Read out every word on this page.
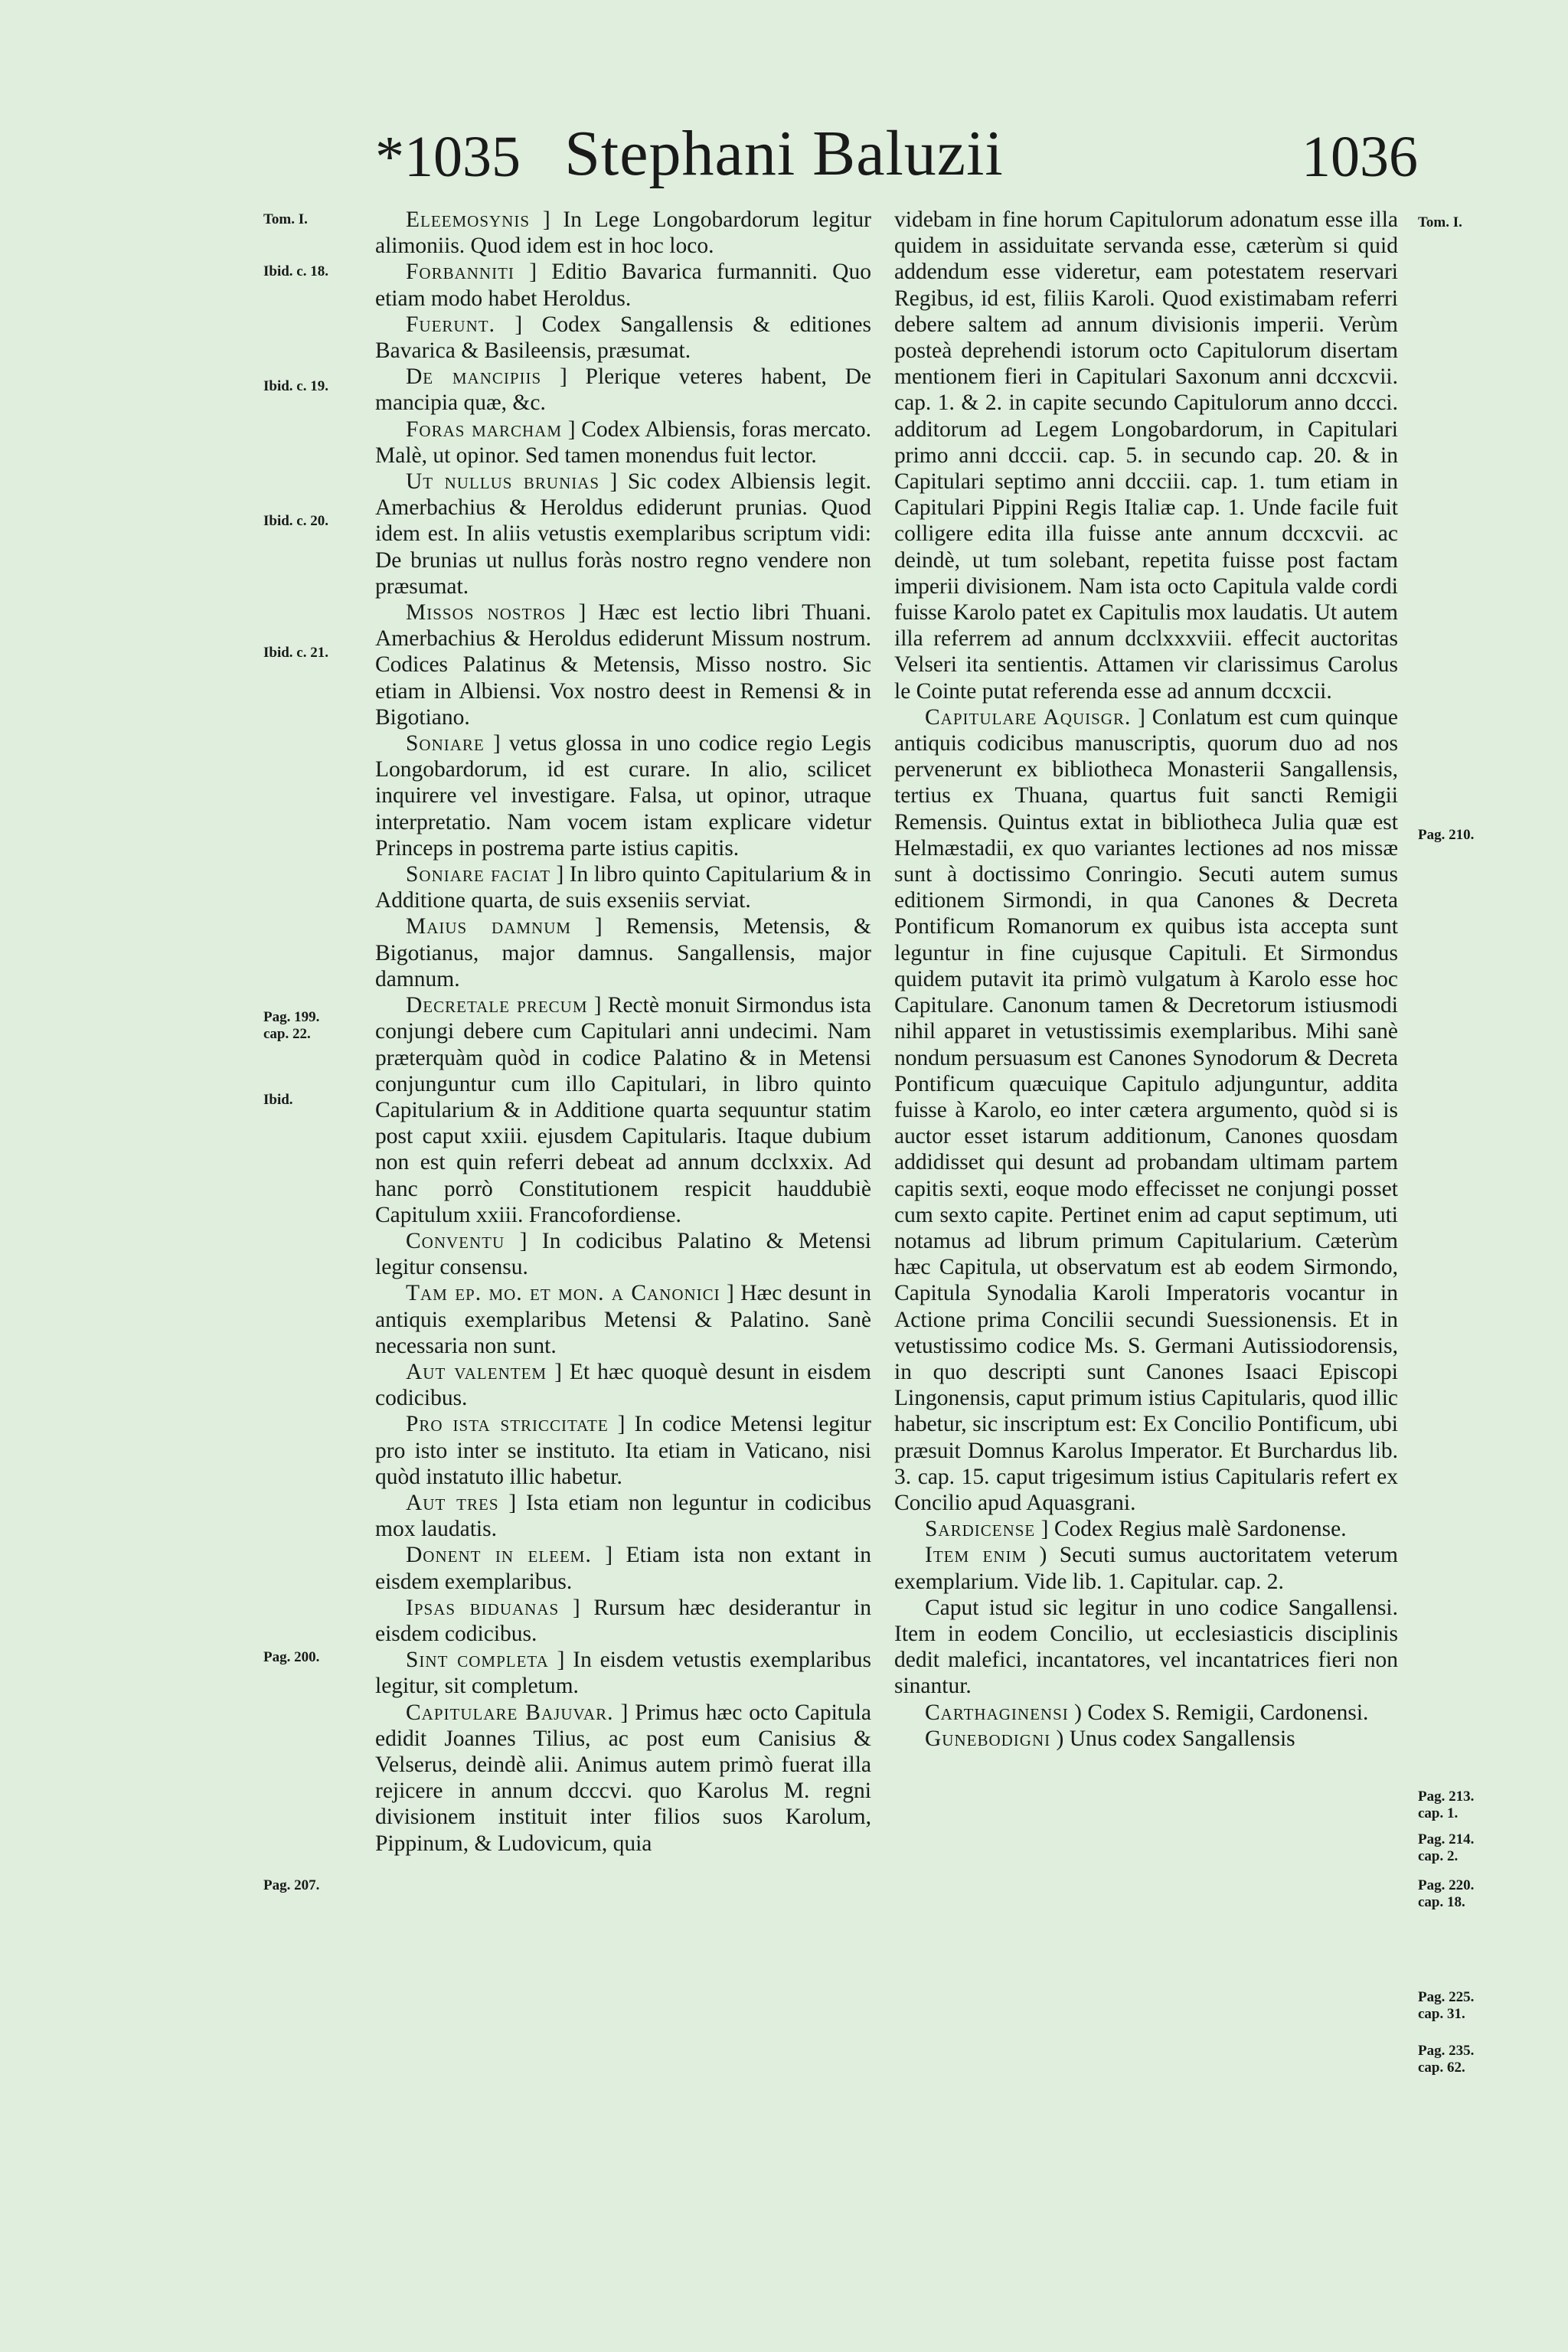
*1035 Stephani Baluzii	1036
Tom. I.
Ibid. c. 18.
Ibid. c. 19.
Ibid. c. 20.
Ibid. c. 21.
Pag. 199.
cap. 22.
Ibid.
Pag. 200.
Pag. 207.
Tom. I.
Pag. 210.
Pag. 213.
cap. 1.
Pag. 214.
cap. 2.
Pag. 220.
cap. 18.
Pag. 225.
cap. 31.
Pag. 235.
cap. 62.

Eleemosynis ] In Lege Longobardorum legitur alimoniis. Quod idem est in hoc loco.

Forbanniti ] Editio Bavarica furmanniti. Quo etiam modo habet Heroldus.

Fuerunt. ] Codex Sangallensis & editiones Bavarica & Basileensis, præsumat.

De mancipiis ] Plerique veteres habent, De mancipia quæ, &c.

Foras marcham ] Codex Albiensis, foras mercato. Malè, ut opinor. Sed tamen monendus fuit lector.

Ut nullus brunias ] Sic codex Albiensis legit. Amerbachius & Heroldus ediderunt prunias. Quod idem est. In aliis vetustis exemplaribus scriptum vidi: De brunias ut nullus foràs nostro regno vendere non præsumat.

Missos nostros ] Hæc est lectio libri Thuani. Amerbachius & Heroldus ediderunt Missum nostrum. Codices Palatinus & Metensis, Misso nostro. Sic etiam in Albiensi. Vox nostro deest in Remensi & in Bigotiano.

Soniare ] vetus glossa in uno codice regio Legis Longobardorum, id est curare. In alio, scilicet inquirere vel investigare. Falsa, ut opinor, utraque interpretatio. Nam vocem istam explicare videtur Princeps in postrema parte istius capitis.

Soniare faciat ] In libro quinto Capitularium & in Additione quarta, de suis exseniis serviat.

Maius damnum ] Remensis, Metensis, & Bigotianus, major damnus. Sangallensis, major damnum.

Decretale precum ] Rectè monuit Sirmondus ista conjungi debere cum Capitulari anni undecimi. Nam præterquàm quòd in codice Palatino & in Metensi conjunguntur cum illo Capitulari, in libro quinto Capitularium & in Additione quarta sequuntur statim post caput xxiii. ejusdem Capitularis. Itaque dubium non est quin referri debeat ad annum dcclxxix. Ad hanc porrò Constitutionem respicit hauddubiè Capitulum xxiii. Francofordiense.

Conventu ] In codicibus Palatino & Metensi legitur consensu.

Tam ep. mo. et mon. a Canonici ] Hæc desunt in antiquis exemplaribus Metensi & Palatino. Sanè necessaria non sunt.

Aut valentem ] Et hæc quoquè desunt in eisdem codicibus.

Pro ista striccitate ] In codice Metensi legitur pro isto inter se instituto. Ita etiam in Vaticano, nisi quòd instatuto illic habetur.

Aut tres ] Ista etiam non leguntur in codicibus mox laudatis.

Donent in eleem. ] Etiam ista non extant in eisdem exemplaribus.

Ipsas biduanas ] Rursum hæc desiderantur in eisdem codicibus.

Sint completa ] In eisdem vetustis exemplaribus legitur, sit completum.

Capitulare Bajuvar. ] Primus hæc octo Capitula edidit Joannes Tilius, ac post eum Canisius & Velserus, deindè alii. Animus autem primò fuerat illa rejicere in annum dcccvi. quo Karolus M. regni divisionem instituit inter filios suos Karolum, Pippinum, & Ludovicum, quia

videbam in fine horum Capitulorum adonatum esse illa quidem in assiduitate servanda esse, cæterùm si quid addendum esse videretur, eam potestatem reservari Regibus, id est, filiis Karoli. Quod existimabam referri debere saltem ad annum divisionis imperii. Verùm posteà deprehendi istorum octo Capitulorum disertam mentionem fieri in Capitulari Saxonum anni dccxcvii. cap. 1. & 2. in capite secundo Capitulorum anno dccci. additorum ad Legem Longobardorum, in Capitulari primo anni dcccii. cap. 5. in secundo cap. 20. & in Capitulari septimo anni dccciii. cap. 1. tum etiam in Capitulari Pippini Regis Italiæ cap. 1. Unde facile fuit colligere edita illa fuisse ante annum dccxcvii. ac deindè, ut tum solebant, repetita fuisse post factam imperii divisionem. Nam ista octo Capitula valde cordi fuisse Karolo patet ex Capitulis mox laudatis. Ut autem illa referrem ad annum dcclxxxviii. effecit auctoritas Velseri ita sentientis. Attamen vir clarissimus Carolus le Cointe putat referenda esse ad annum dccxcii.

Capitulare Aquisgr. ] Conlatum est cum quinque antiquis codicibus manuscriptis, quorum duo ad nos pervenerunt ex bibliotheca Monasterii Sangallensis, tertius ex Thuana, quartus fuit sancti Remigii Remensis. Quintus extat in bibliotheca Julia quæ est Helmæstadii, ex quo variantes lectiones ad nos missæ sunt à doctissimo Conringio. Secuti autem sumus editionem Sirmondi, in qua Canones & Decreta Pontificum Romanorum ex quibus ista accepta sunt leguntur in fine cujusque Capituli. Et Sirmondus quidem putavit ita primò vulgatum à Karolo esse hoc Capitulare. Canonum tamen & Decretorum istiusmodi nihil apparet in vetustissimis exemplaribus. Mihi sanè nondum persuasum est Canones Synodorum & Decreta Pontificum quæcuique Capitulo adjunguntur, addita fuisse à Karolo, eo inter cætera argumento, quòd si is auctor esset istarum additionum, Canones quosdam addidisset qui desunt ad probandam ultimam partem capitis sexti, eoque modo effecisset ne conjungi posset cum sexto capite. Pertinet enim ad caput septimum, uti notamus ad librum primum Capitularium. Cæterùm hæc Capitula, ut observatum est ab eodem Sirmondo, Capitula Synodalia Karoli Imperatoris vocantur in Actione prima Concilii secundi Suessionensis. Et in vetustissimo codice Ms. S. Germani Autissiodorensis, in quo descripti sunt Canones Isaaci Episcopi Lingonensis, caput primum istius Capitularis, quod illic habetur, sic inscriptum est: Ex Concilio Pontificum, ubi præsuit Domnus Karolus Imperator. Et Burchardus lib. 3. cap. 15. caput trigesimum istius Capitularis refert ex Concilio apud Aquasgrani.

Sardicense ] Codex Regius malè Sardonense.

Item enim ) Secuti sumus auctoritatem veterum exemplarium. Vide lib. 1. Capitular. cap. 2.

Caput istud sic legitur in uno codice Sangallensi. Item in eodem Concilio, ut ecclesiasticis disciplinis dedit malefici, incantatores, vel incantatrices fieri non sinantur.

Carthaginensi ) Codex S. Remigii, Cardonensi.

Gunebodigni ) Unus codex Sangallensis
